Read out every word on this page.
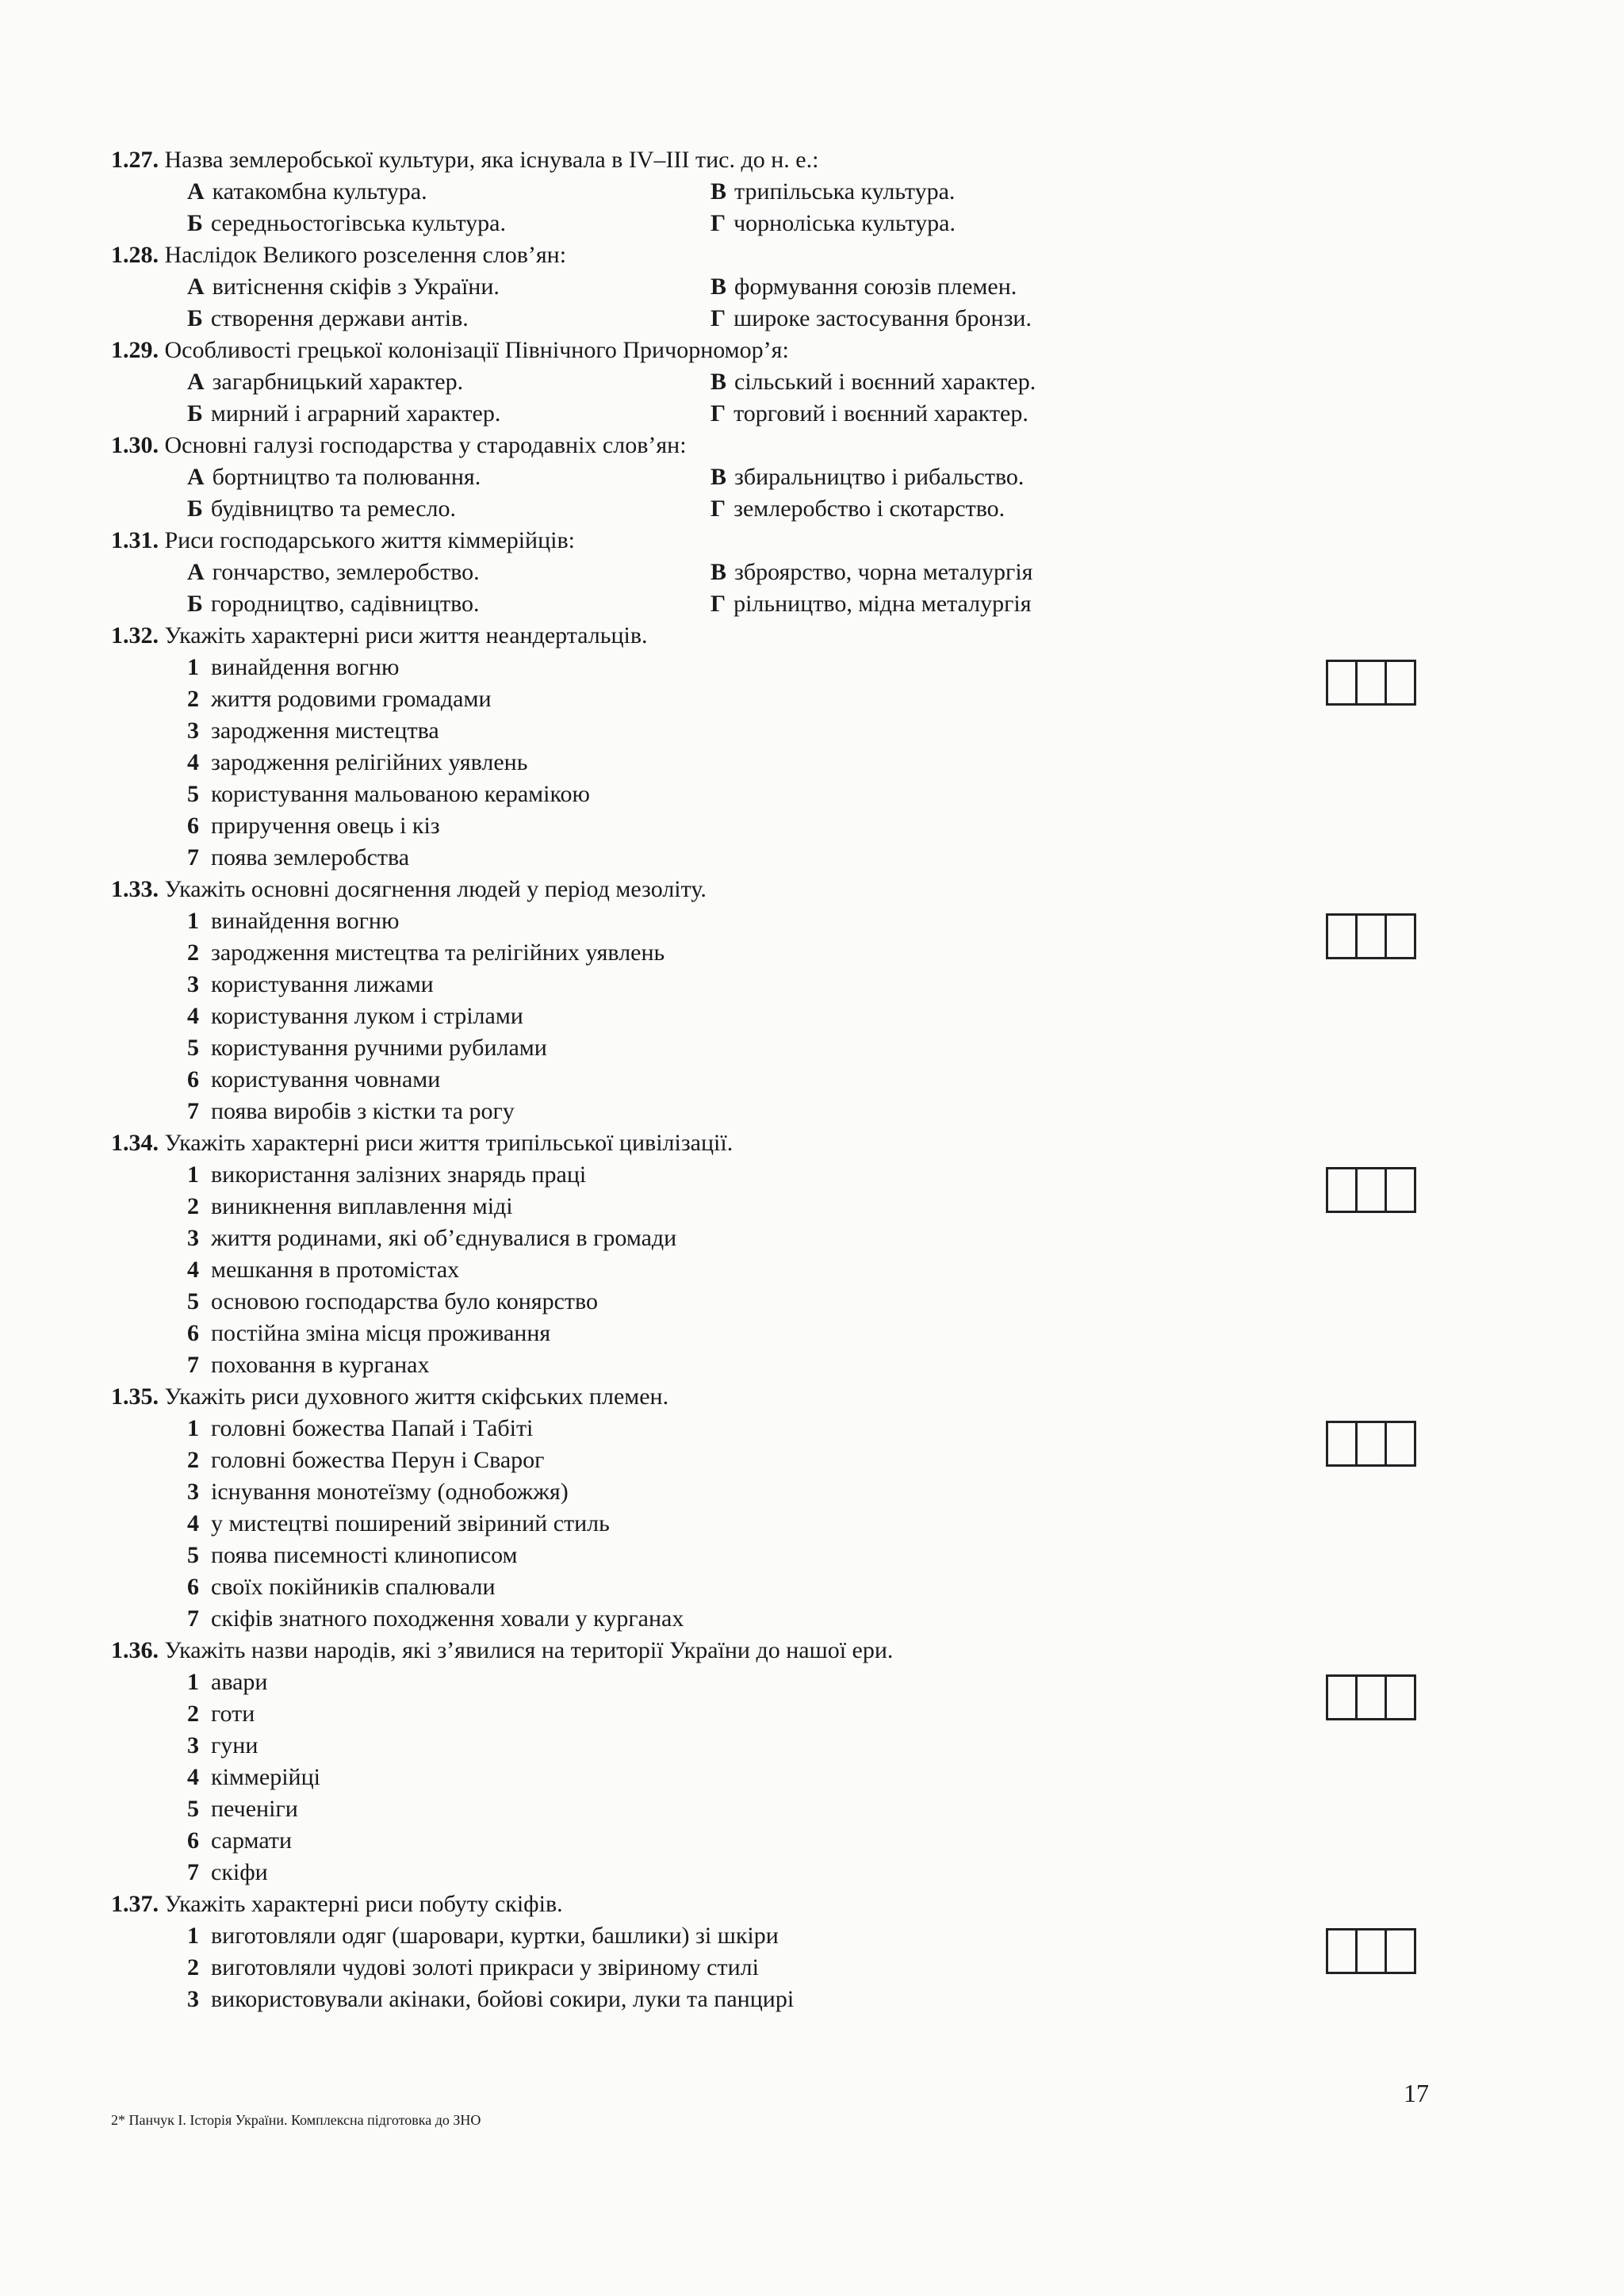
1.27. Назва землеробської культури, яка існувала в IV–III тис. до н. е.:
А катакомбна культура.	В трипільська культура.
Б середньостогівська культура.	Г чорноліська культура.
1.28. Наслідок Великого розселення слов’ян:
А витіснення скіфів з України.	В формування союзів племен.
Б створення держави антів.	Г широке застосування бронзи.
1.29. Особливості грецької колонізації Північного Причорномор’я:
А загарбницький характер.	В сільський і воєнний характер.
Б мирний і аграрний характер.	Г торговий і воєнний характер.
1.30. Основні галузі господарства у стародавніх слов’ян:
А бортництво та полювання.	В збиральництво і рибальство.
Б будівництво та ремесло.	Г землеробство і скотарство.
1.31. Риси господарського життя кіммерійців:
А гончарство, землеробство.	В зброярство, чорна металургія
Б городництво, садівництво.	Г рільництво, мідна металургія
1.32. Укажіть характерні риси життя неандертальців.
1 винайдення вогню
2 життя родовими громадами
3 зародження мистецтва
4 зародження релігійних уявлень
5 користування мальованою керамікою
6 приручення овець і кіз
7 поява землеробства
1.33. Укажіть основні досягнення людей у період мезоліту.
1 винайдення вогню
2 зародження мистецтва та релігійних уявлень
3 користування лижами
4 користування луком і стрілами
5 користування ручними рубилами
6 користування човнами
7 поява виробів з кістки та рогу
1.34. Укажіть характерні риси життя трипільської цивілізації.
1 використання залізних знарядь праці
2 виникнення виплавлення міді
3 життя родинами, які об’єднувалися в громади
4 мешкання в протомістах
5 основою господарства було конярство
6 постійна зміна місця проживання
7 поховання в курганах
1.35. Укажіть риси духовного життя скіфських племен.
1 головні божества Папай і Табіті
2 головні божества Перун і Сварог
3 існування монотеїзму (однобожжя)
4 у мистецтві поширений звіриний стиль
5 поява писемності клинописом
6 своїх покійників спалювали
7 скіфів знатного походження ховали у курганах
1.36. Укажіть назви народів, які з’явилися на території України до нашої ери.
1 авари
2 готи
3 гуни
4 кіммерійці
5 печеніги
6 сармати
7 скіфи
1.37. Укажіть характерні риси побуту скіфів.
1 виготовляли одяг (шаровари, куртки, башлики) зі шкіри
2 виготовляли чудові золоті прикраси у звіриному стилі
3 використовували акінаки, бойові сокири, луки та панцирі
17
2* Панчук І. Історія України. Комплексна підготовка до ЗНО
